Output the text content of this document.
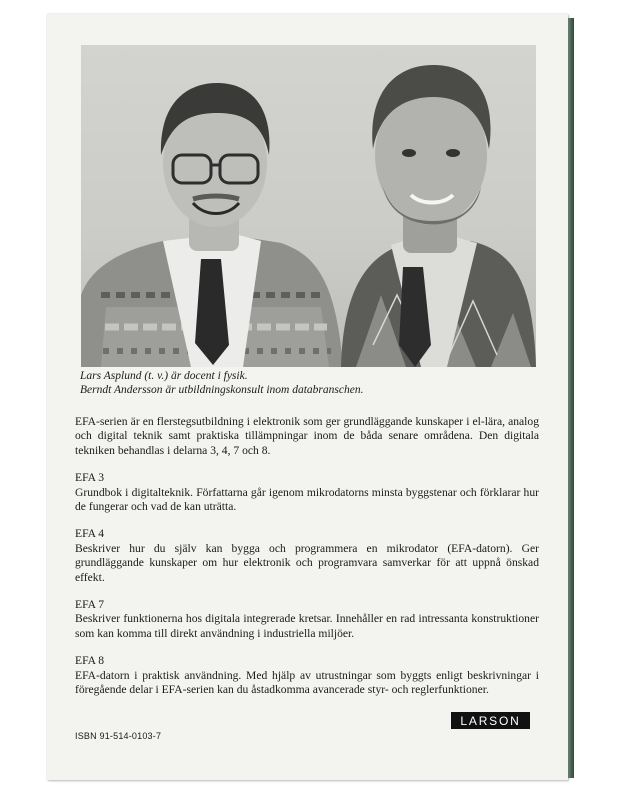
Lars Asplund (t. v.) är docent i fysik.
Berndt Andersson är utbildningskonsult inom databranschen.

EFA-serien är en flerstegsutbildning i elektronik som ger grundläggande kunskaper i el-lära, analog och digital teknik samt praktiska tillämpningar inom de båda senare områdena. Den digitala tekniken behandlas i delarna 3, 4, 7 och 8.

EFA 3

Grundbok i digitalteknik. Författarna går igenom mikrodatorns minsta byggstenar och förklarar hur de fungerar och vad de kan uträtta.

EFA 4

Beskriver hur du själv kan bygga och programmera en mikrodator (EFA-datorn). Ger grundläggande kunskaper om hur elektronik och programvara samverkar för att uppnå önskad effekt.

EFA 7

Beskriver funktionerna hos digitala integrerade kretsar. Innehåller en rad intressanta konstruktioner som kan komma till direkt användning i industriella miljöer.

EFA 8

EFA-datorn i praktisk användning. Med hjälp av utrustningar som byggts enligt beskrivningar i föregående delar i EFA-serien kan du åstadkomma avancerade styr- och reglerfunktioner.

ISBN 91-514-0103-7
LARSON
